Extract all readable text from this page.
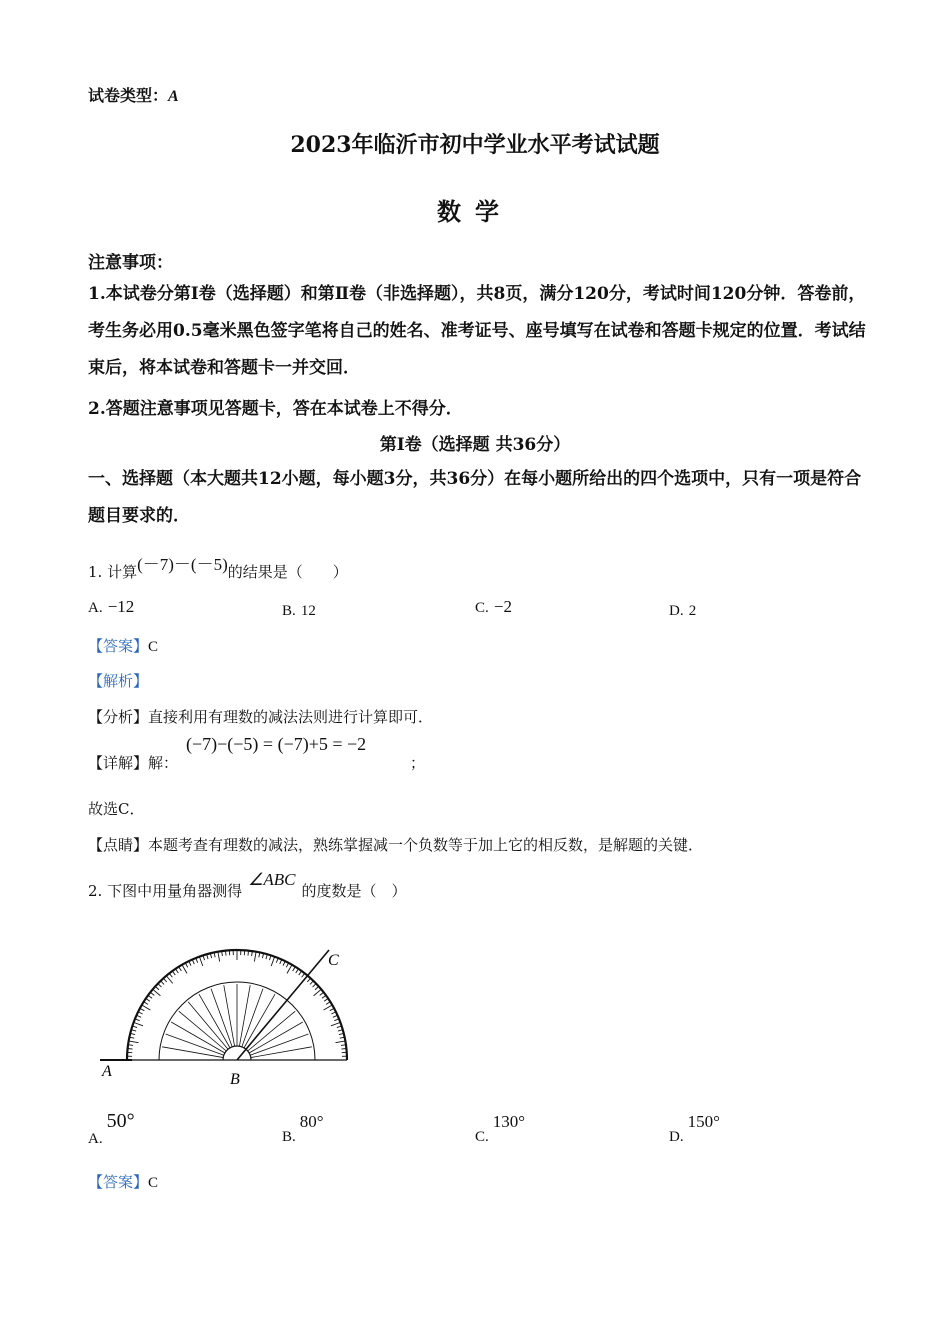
试卷类型：A
2023年临沂市初中学业水平考试试题
数学
注意事项：
1.本试卷分第Ⅰ卷（选择题）和第Ⅱ卷（非选择题），共8页，满分120分，考试时间120分钟．答卷前，考生务必用0.5毫米黑色签字笔将自己的姓名、准考证号、座号填写在试卷和答题卡规定的位置．考试结束后，将本试卷和答题卡一并交回．
2.答题注意事项见答题卡，答在本试卷上不得分．
第Ⅰ卷（选择题 共36分）
一、选择题（本大题共12小题，每小题3分，共36分）在每小题所给出的四个选项中，只有一项是符合题目要求的．
1. 计算(－7)－(－5)的结果是（　　）
A. −12	B. 12	C. −2	D. 2
【答案】C
【解析】
【分析】直接利用有理数的减法法则进行计算即可．
【详解】解：
(−7)−(−5) = (−7)+5 = −2
；
故选C．
【点睛】本题考查有理数的减法，熟练掌握减一个负数等于加上它的相反数，是解题的关键．
2. 下图中用量角器测得∠ABC的度数是（　）
A	B
C
A.50°
B.80°
C.130°
D.150°
【答案】C
